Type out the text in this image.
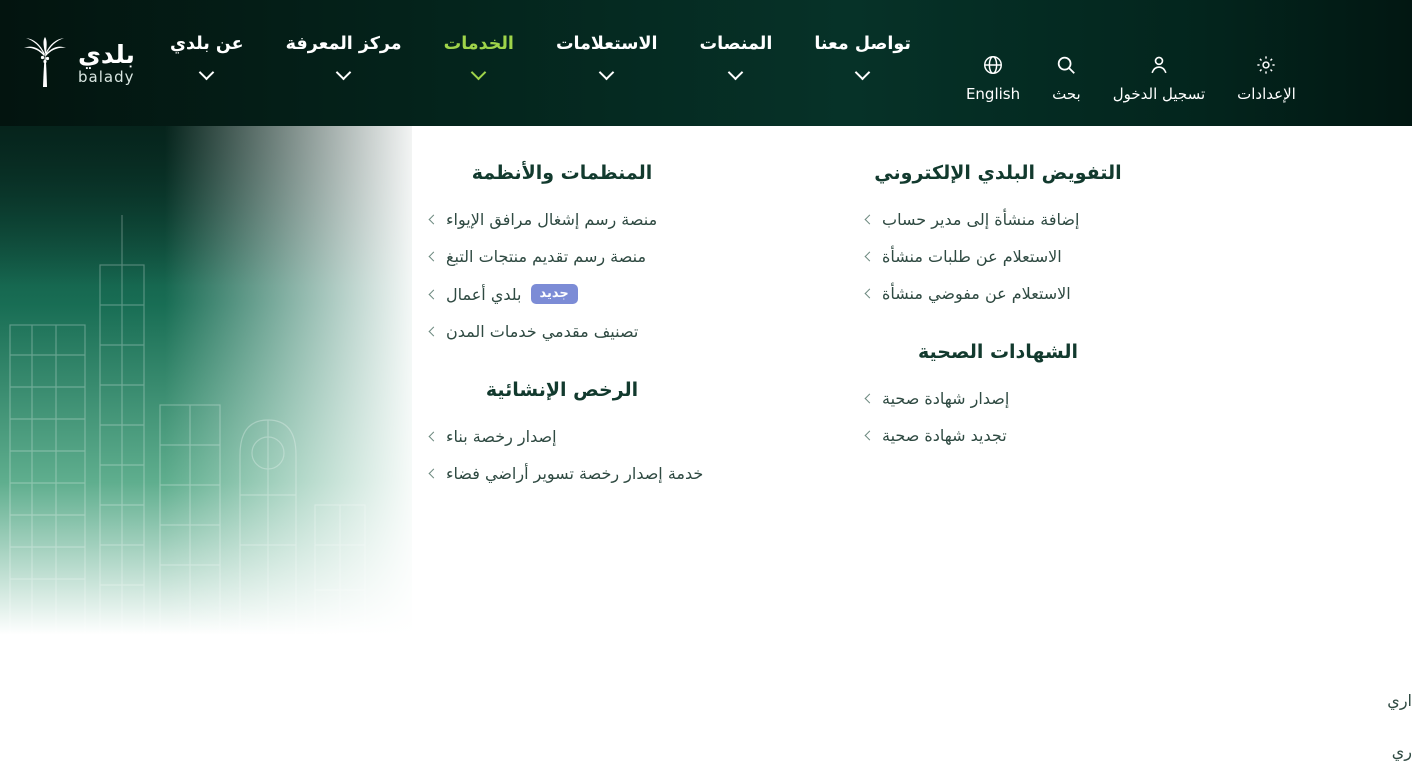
بلدي
balady
عن بلدي مركز المعرفة الخدمات الاستعلامات المنصات تواصل معنا
English بحث تسجيل الدخول الإعدادات
المنظمات والأنظمة
منصة رسم إشغال مرافق الإيواء
منصة رسم تقديم منتجات التبغ
بلدي أعمال	جديد
تصنيف مقدمي خدمات المدن
الرخص الإنشائية
إصدار رخصة بناء
خدمة إصدار رخصة تسوير أراضي فضاء
التفويض البلدي الإلكتروني
إضافة منشأة إلى مدير حساب
الاستعلام عن طلبات منشأة
الاستعلام عن مفوضي منشأة
الشهادات الصحية
إصدار شهادة صحية
تجديد شهادة صحية
اري
ري
